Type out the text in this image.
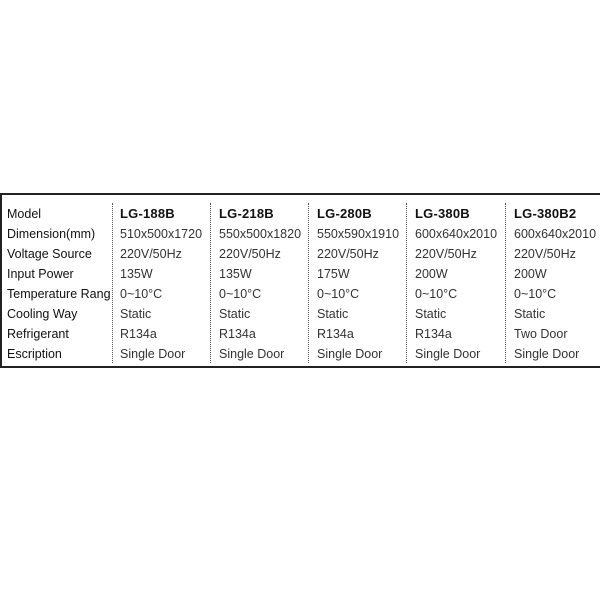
Model
Dimension(mm)
Voltage Source
Input Power
Temperature Rang
Cooling Way
Refrigerant
Escription
LG-188B
510x500x1720
220V/50Hz
135W
0~10°C
Static
R134a
Single Door
LG-218B
550x500x1820
220V/50Hz
135W
0~10°C
Static
R134a
Single Door
LG-280B
550x590x1910
220V/50Hz
175W
0~10°C
Static
R134a
Single Door
LG-380B
600x640x2010
220V/50Hz
200W
0~10°C
Static
R134a
Single Door
LG-380B2
600x640x2010
220V/50Hz
200W
0~10°C
Static
Two Door
Single Door
